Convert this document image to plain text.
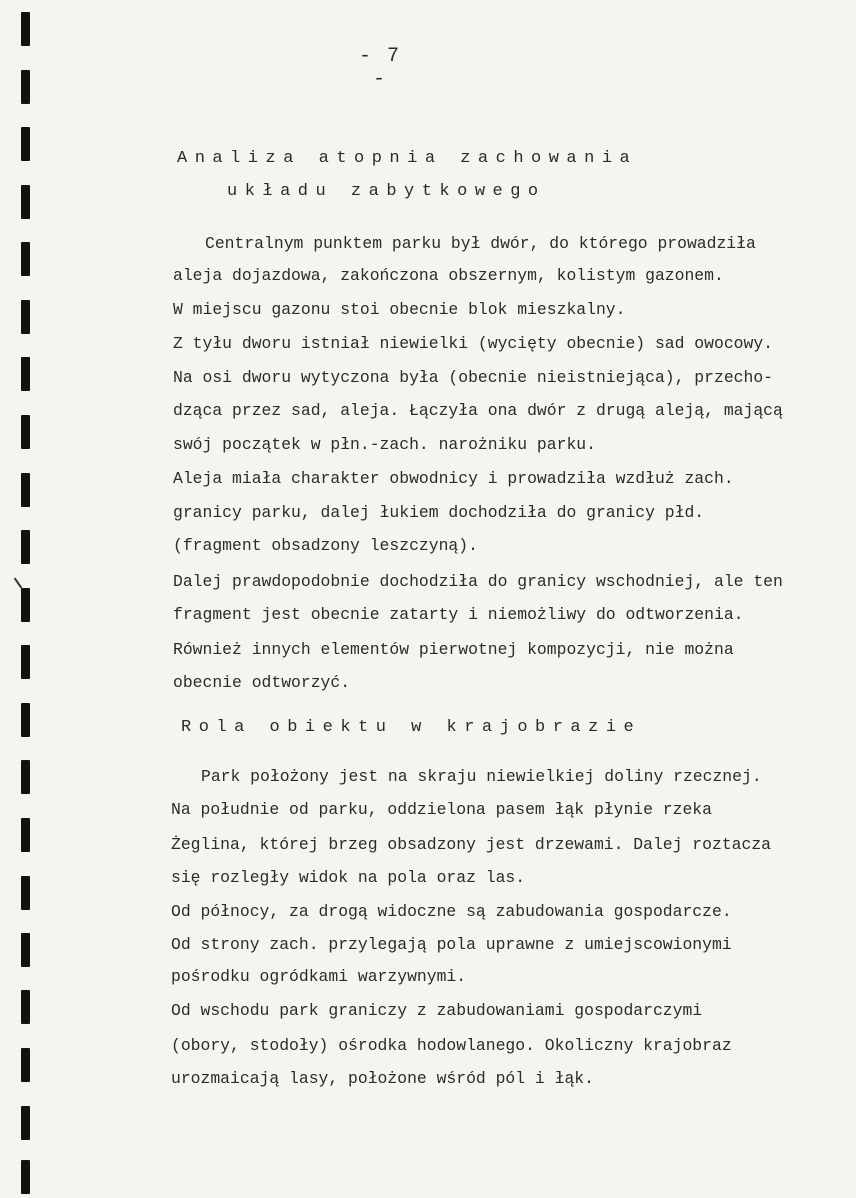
- 7 -
Analiza atopnia zachowania
układu zabytkowego
Centralnym punktem parku był dwór, do którego prowadziła
aleja dojazdowa, zakończona obszernym, kolistym gazonem.
W miejscu gazonu stoi obecnie blok mieszkalny.
Z tyłu dworu istniał niewielki (wycięty obecnie) sad owocowy.
Na osi dworu wytyczona była (obecnie nieistniejąca), przecho-
dząca przez sad, aleja. Łączyła ona dwór z drugą aleją, mającą
swój początek w płn.-zach. narożniku parku.
Aleja miała charakter obwodnicy i prowadziła wzdłuż zach.
granicy parku, dalej łukiem dochodziła do granicy płd.
(fragment obsadzony leszczyną).
Dalej prawdopodobnie dochodziła do granicy wschodniej, ale ten
fragment jest obecnie zatarty i niemożliwy do odtworzenia.
Również innych elementów pierwotnej kompozycji, nie można
obecnie odtworzyć.
Rola obiektu w krajobrazie
Park położony jest na skraju niewielkiej doliny rzecznej.
Na południe od parku, oddzielona pasem łąk płynie rzeka
Żeglina, której brzeg obsadzony jest drzewami. Dalej roztacza
się rozległy widok na pola oraz las.
Od północy, za drogą widoczne są zabudowania gospodarcze.
Od strony zach. przylegają pola uprawne z umiejscowionymi
pośrodku ogródkami warzywnymi.
Od wschodu park graniczy z zabudowaniami gospodarczymi
(obory, stodoły) ośrodka hodowlanego. Okoliczny krajobraz
urozmaicają lasy, położone wśród pól i łąk.
